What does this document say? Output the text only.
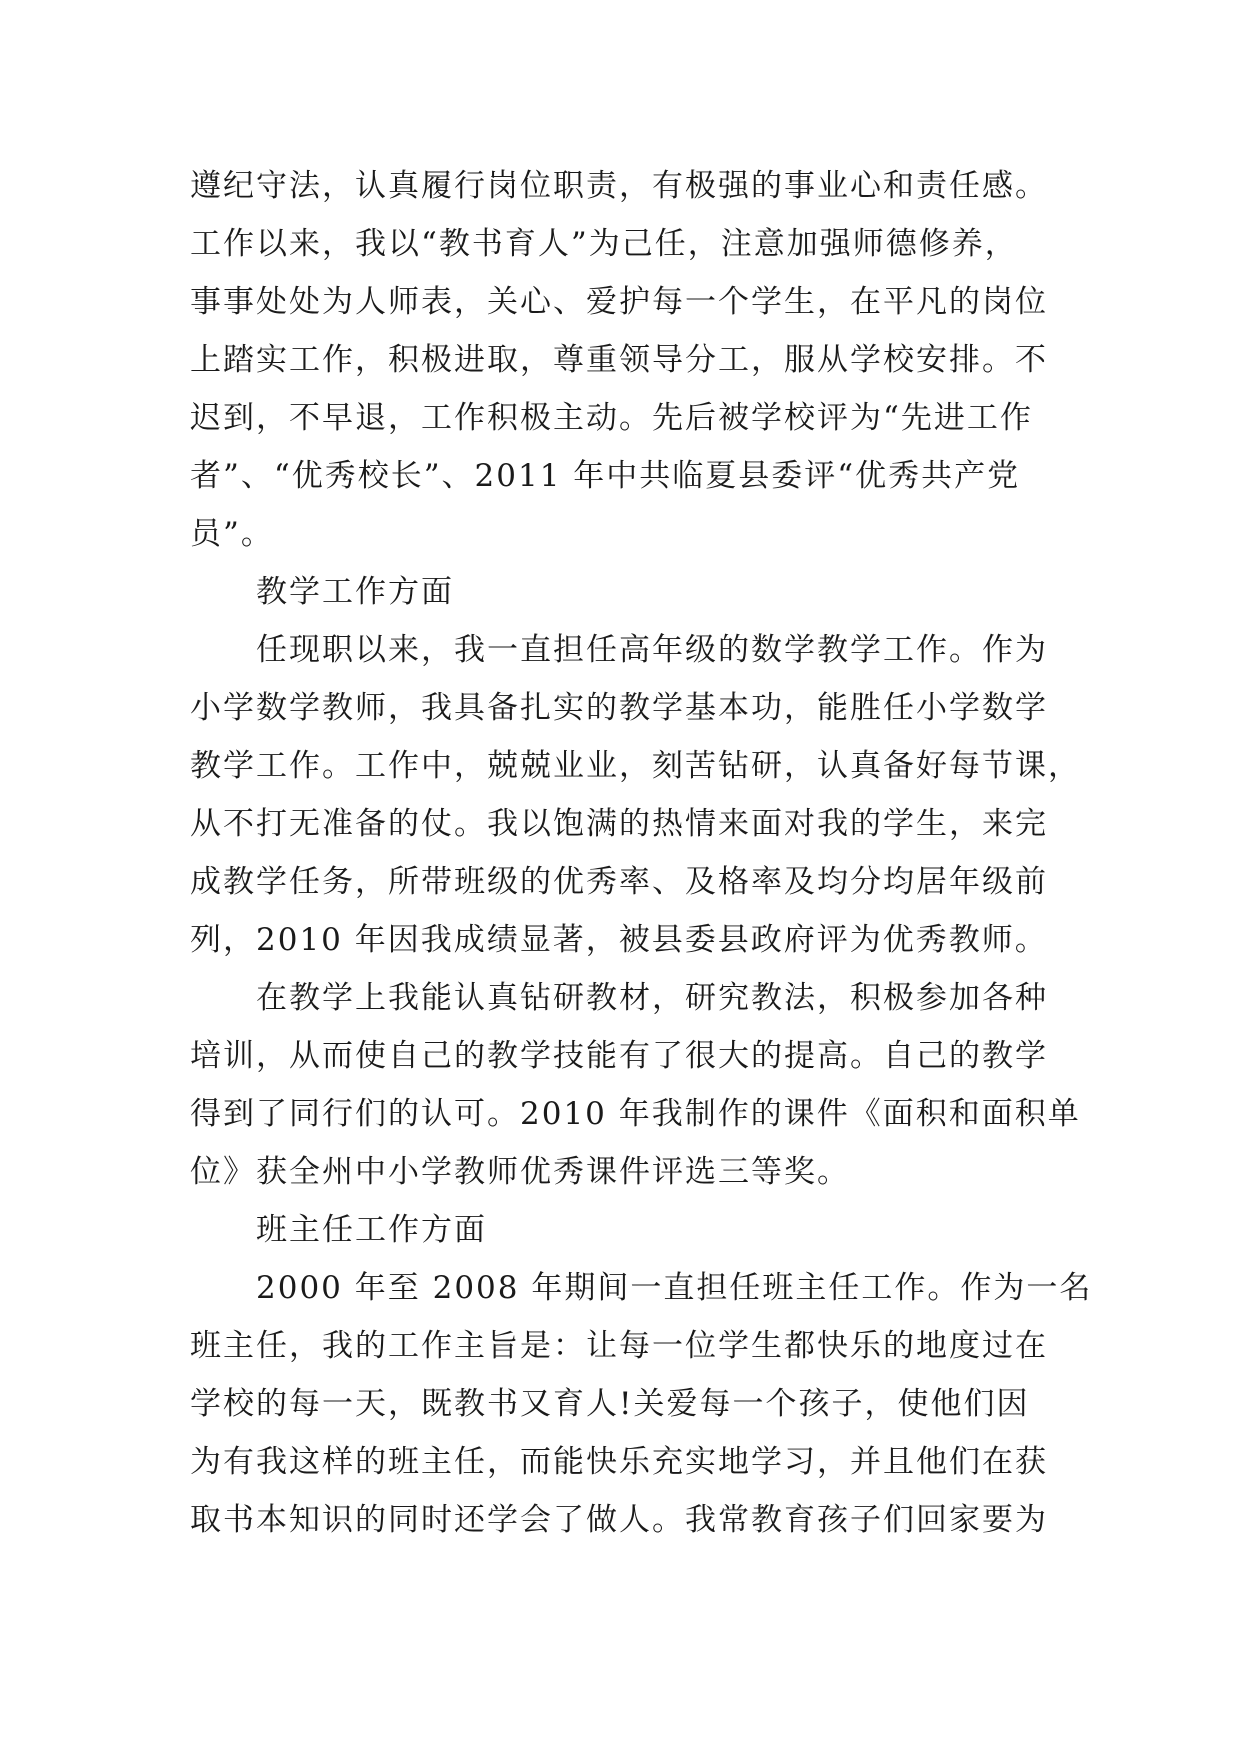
遵纪守法，认真履行岗位职责，有极强的事业心和责任感。

工作以来，我以“教书育人”为己任，注意加强师德修养，

事事处处为人师表，关心、爱护每一个学生，在平凡的岗位

上踏实工作，积极进取，尊重领导分工，服从学校安排。不

迟到，不早退，工作积极主动。先后被学校评为“先进工作

者”、“优秀校长”、2011 年中共临夏县委评“优秀共产党

员”。

教学工作方面

任现职以来，我一直担任高年级的数学教学工作。作为

小学数学教师，我具备扎实的教学基本功，能胜任小学数学

教学工作。工作中，兢兢业业，刻苦钻研，认真备好每节课，

从不打无准备的仗。我以饱满的热情来面对我的学生，来完

成教学任务，所带班级的优秀率、及格率及均分均居年级前

列，2010 年因我成绩显著，被县委县政府评为优秀教师。

在教学上我能认真钻研教材，研究教法，积极参加各种

培训，从而使自己的教学技能有了很大的提高。自己的教学

得到了同行们的认可。2010 年我制作的课件《面积和面积单

位》获全州中小学教师优秀课件评选三等奖。

班主任工作方面

2000 年至 2008 年期间一直担任班主任工作。作为一名

班主任，我的工作主旨是：让每一位学生都快乐的地度过在

学校的每一天，既教书又育人!关爱每一个孩子，使他们因

为有我这样的班主任，而能快乐充实地学习，并且他们在获

取书本知识的同时还学会了做人。我常教育孩子们回家要为
